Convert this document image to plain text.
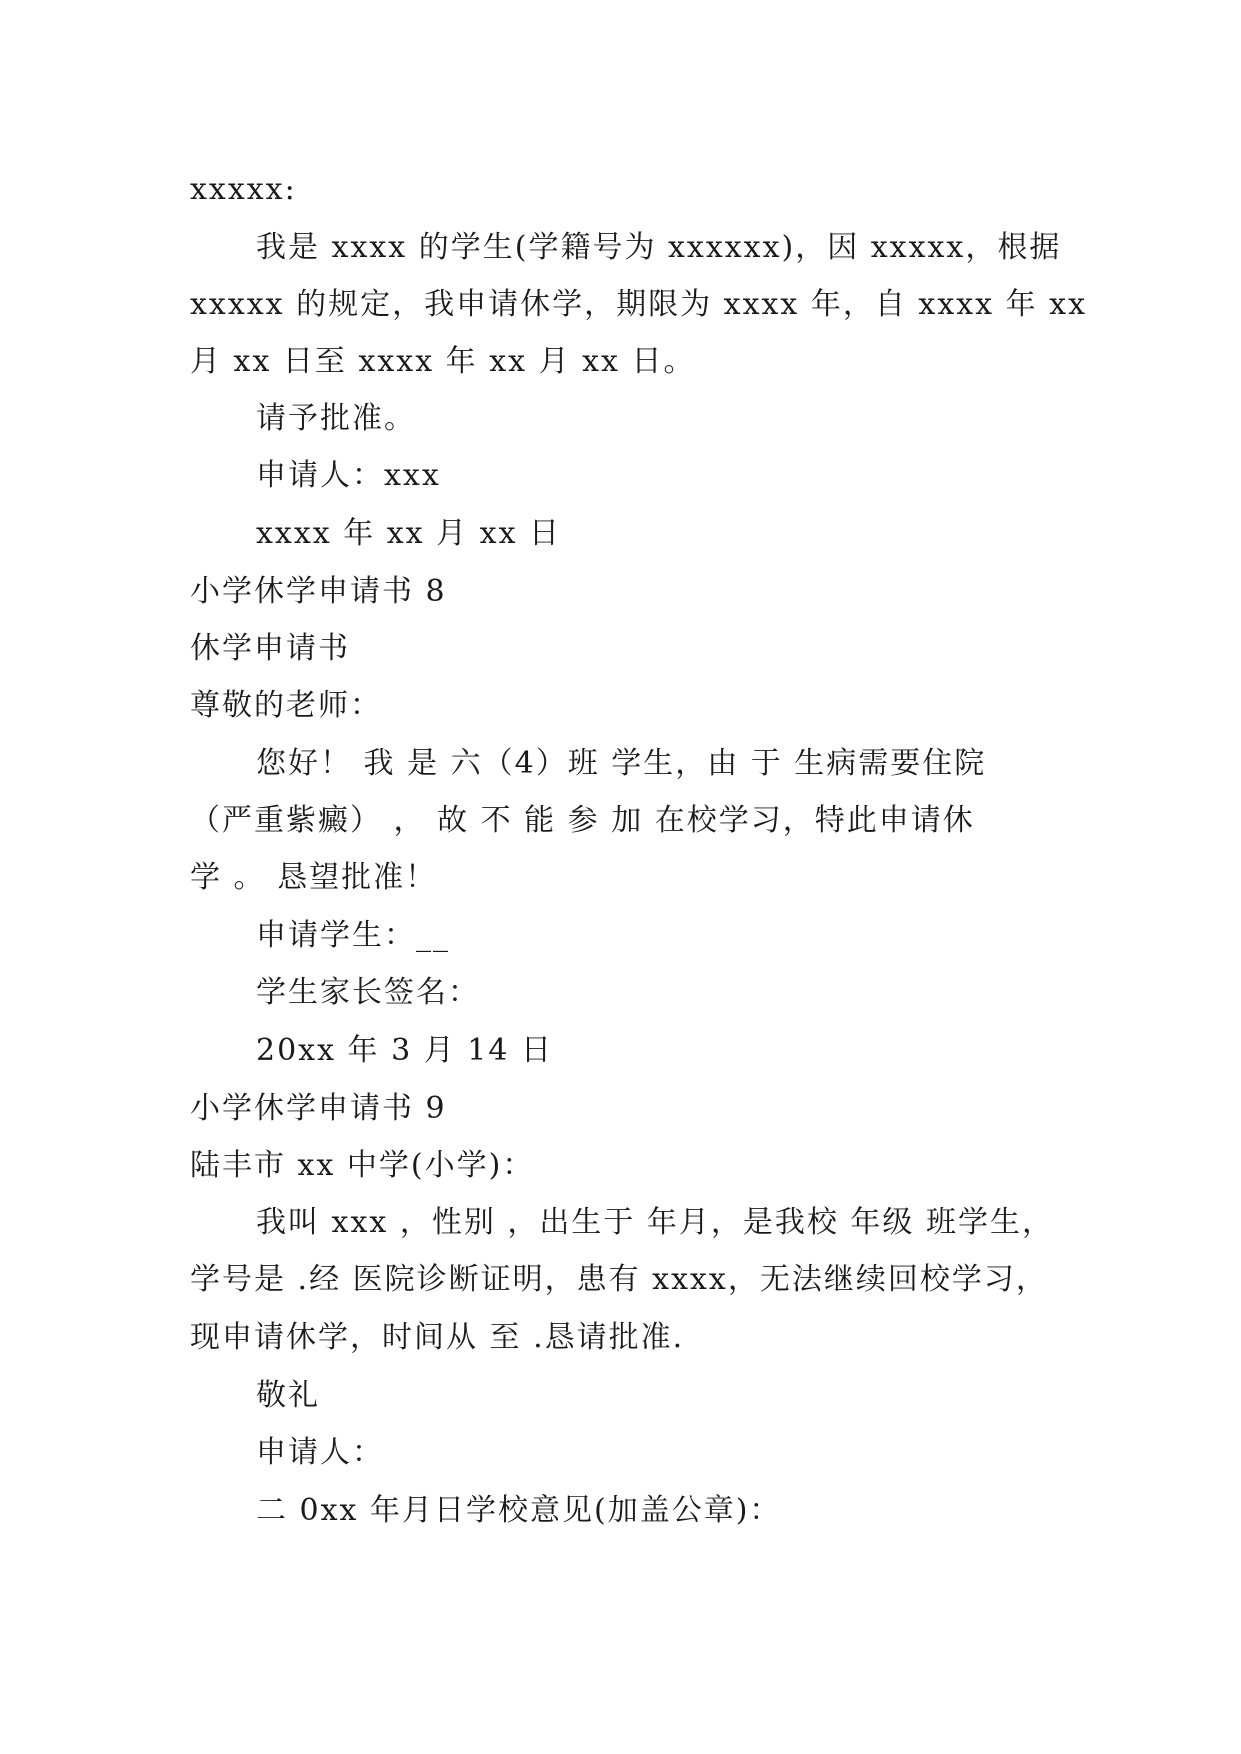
xxxxx:

我是 xxxx 的学生(学籍号为 xxxxxx)，因 xxxxx，根据

xxxxx 的规定，我申请休学，期限为 xxxx 年，自 xxxx 年 xx

月 xx 日至 xxxx 年 xx 月 xx 日。

请予批准。

申请人：xxx

xxxx 年 xx 月 xx 日

小学休学申请书 8

休学申请书

尊敬的老师：

您好！ 我 是 六（4）班 学生，由 于 生病需要住院

（严重紫癜） ， 故 不 能 参 加 在校学习，特此申请休

学 。 恳望批准！

申请学生：__

学生家长签名：

20xx 年 3 月 14 日

小学休学申请书 9

陆丰市 xx 中学(小学)：

我叫 xxx ，性别 ，出生于 年月，是我校 年级 班学生，

学号是 .经 医院诊断证明，患有 xxxx，无法继续回校学习，

现申请休学，时间从 至 .恳请批准.

敬礼

申请人：

二 0xx 年月日学校意见(加盖公章)：
